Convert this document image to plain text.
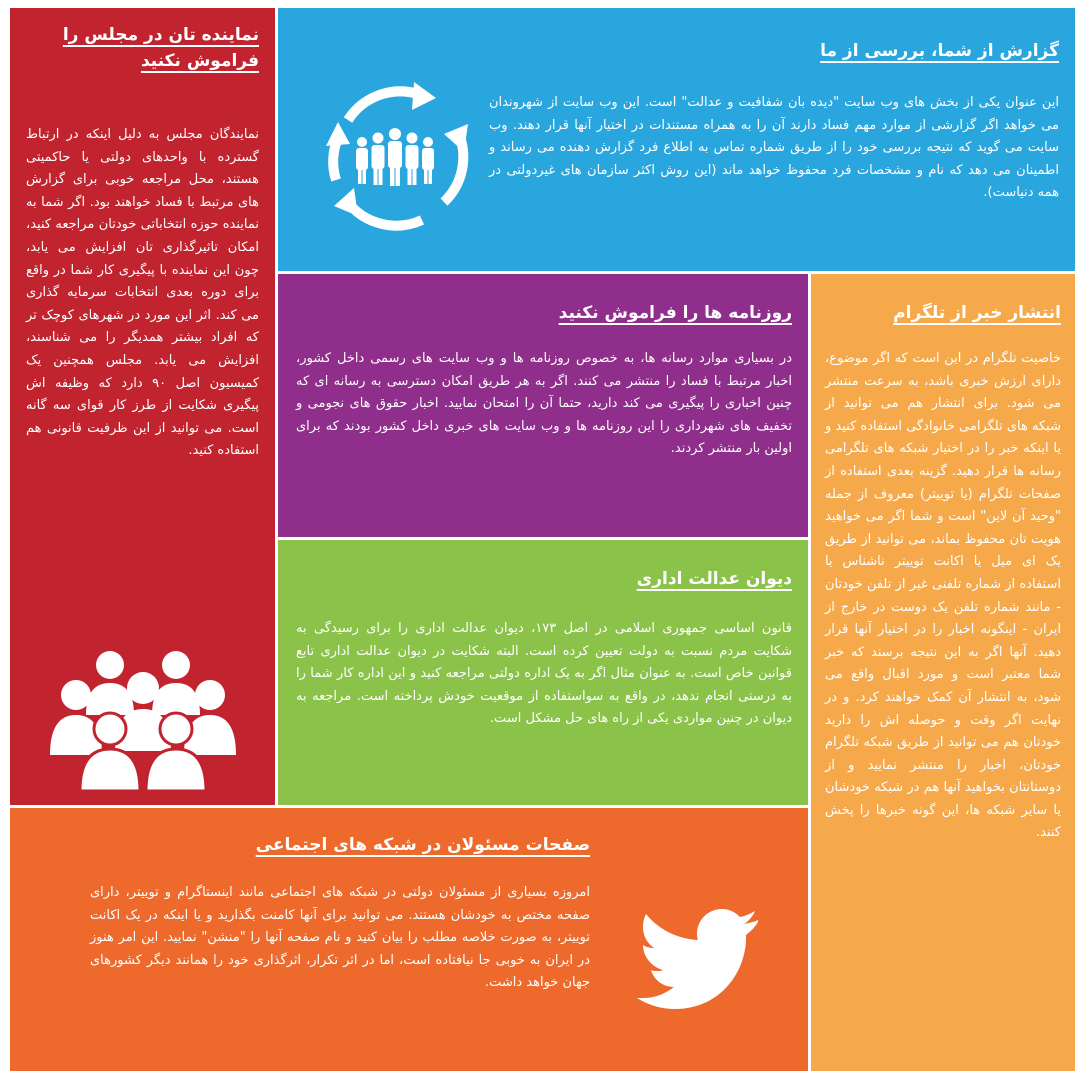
نماینده تان در مجلس را
فراموش نکنید

نمایندگان مجلس به دلیل اینکه در ارتباط گسترده با واحدهای دولتی یا حاکمیتی هستند، محل مراجعه خوبی برای گزارش های مرتبط با فساد خواهند بود. اگر شما به نماینده حوزه انتخاباتی خودتان مراجعه کنید، امکان تاثیرگذاری تان افزایش می یابد، چون این نماینده با پیگیری کار شما در واقع برای دوره بعدی انتخابات سرمایه گذاری می کند. اثر این مورد در شهرهای کوچک تر که افراد بیشتر همدیگر را می شناسند، افزایش می یابد. مجلس همچنین یک کمیسیون اصل ۹۰ دارد که وظیفه اش پیگیری شکایت از طرز کار قوای سه گانه است. می توانید از این ظرفیت قانونی هم استفاده کنید.

گزارش از شما، بررسی از ما

این عنوان یکی از بخش های وب سایت "دیده بان شفافیت و عدالت" است. این وب سایت از شهروندان می خواهد اگر گزارشی از موارد مهم فساد دارند آن را به همراه مستندات در اختیار آنها قرار دهند. وب سایت می گوید که نتیجه بررسی خود را از طریق شماره تماس به اطلاع فرد گزارش دهنده می رساند و اطمینان می دهد که نام و مشخصات فرد محفوظ خواهد ماند (این روش اکثر سازمان های غیردولتی در همه دنیاست).

روزنامه ها را فراموش نکنید

در بسیاری موارد رسانه ها، به خصوص روزنامه ها و وب سایت های رسمی داخل کشور، اخبار مرتبط با فساد را منتشر می کنند. اگر به هر طریق امکان دسترسی به رسانه ای که چنین اخباری را پیگیری می کند دارید، حتما آن را امتحان نمایید. اخبار حقوق های نجومی و تخفیف های شهرداری را این روزنامه ها و وب سایت های خبری داخل کشور بودند که برای اولین بار منتشر کردند.

انتشار خبر از تلگرام

خاصیت تلگرام در این است که اگر موضوع، دارای ارزش خبری باشد، به سرعت منتشر می شود. برای انتشار هم می توانید از شبکه های تلگرامی خانوادگی استفاده کنید و یا اینکه خبر را در اختیار شبکه های تلگرامی رسانه ها قرار دهید. گزینه بعدی استفاده از صفحات تلگرام (یا توییتر) معروف از جمله "وحید آن لاین" است و شما اگر می خواهید هویت تان محفوظ بماند، می توانید از طریق یک ای میل یا اکانت توییتر ناشناس یا استفاده از شماره تلفنی غیر از تلفن خودتان - مانند شماره تلفن یک دوست در خارج از ایران - اینگونه اخبار را در اختیار آنها قرار دهید. آنها اگر به این نتیجه برسند که خبر شما معتبر است و مورد اقبال واقع می شود، به انتشار آن کمک خواهند کرد. و در نهایت اگر وقت و حوصله اش را دارید خودتان هم می توانید از طریق شبکه تلگرام خودتان، اخبار را منتشر نمایید و از دوستانتان بخواهید آنها هم در شبکه خودشان یا سایر شبکه ها، این گونه خبرها را پخش کنند.

دیوان عدالت اداری

قانون اساسی جمهوری اسلامی در اصل ۱۷۳، دیوان عدالت اداری را برای رسیدگی به شکایت مردم نسبت به دولت تعیین کرده است. البته شکایت در دیوان عدالت اداری تابع قوانین خاص است. به عنوان مثال اگر به یک اداره دولتی مراجعه کنید و این اداره کار شما را به درستی انجام ندهد، در واقع به سواستفاده از موقعیت خودش پرداخته است. مراجعه به دیوان در چنین مواردی یکی از راه های حل مشکل است.

صفحات مسئولان در شبکه های اجتماعی

امروزه بسیاری از مسئولان دولتی در شبکه های اجتماعی مانند اینستاگرام و توییتر، دارای صفحه مختص به خودشان هستند. می توانید برای آنها کامنت بگذارید و یا اینکه در یک اکانت توییتر، به صورت خلاصه مطلب را بیان کنید و نام صفحه آنها را "منشن" نمایید. این امر هنوز در ایران به خوبی جا نیافتاده است، اما در اثر تکرار، اثرگذاری خود را همانند دیگر کشورهای جهان خواهد داشت.
